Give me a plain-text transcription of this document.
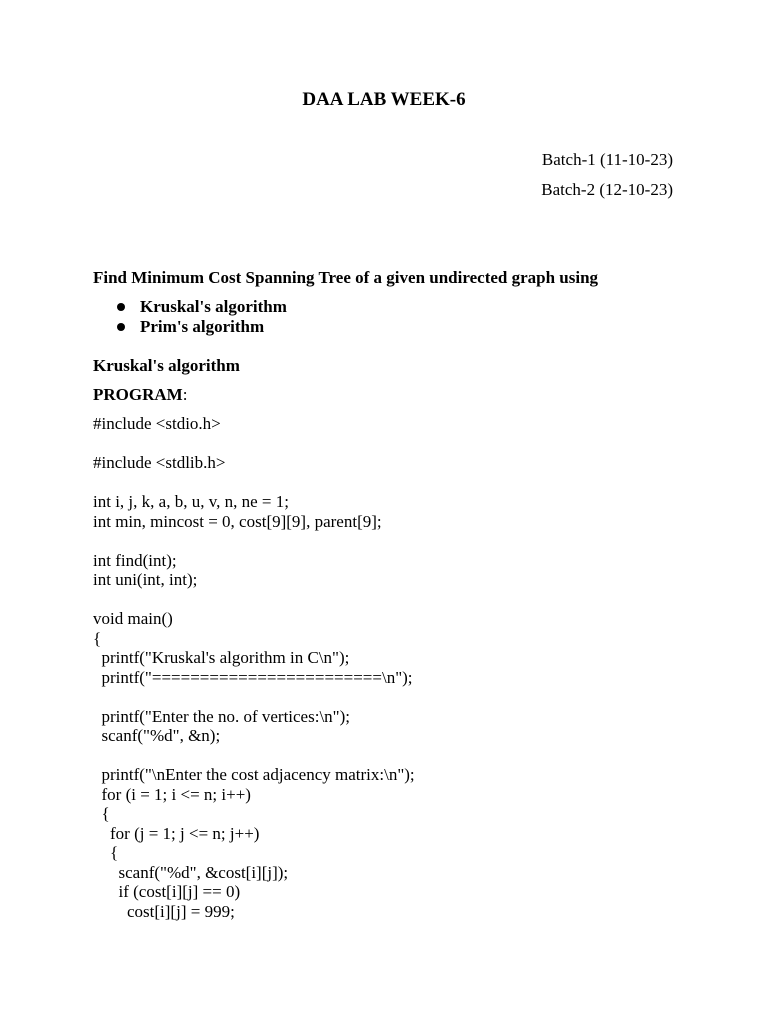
DAA LAB WEEK-6
Batch-1 (11-10-23)
Batch-2 (12-10-23)

Find Minimum Cost Spanning Tree of a given undirected graph using

Kruskal's algorithm
Prim's algorithm

Kruskal's algorithm

PROGRAM:

#include <stdio.h>
#include <stdlib.h>
int i, j, k, a, b, u, v, n, ne = 1;
int min, mincost = 0, cost[9][9], parent[9];
int find(int);
int uni(int, int);
void main()
{
printf("Kruskal's algorithm in C\n");
printf("========================\n");
printf("Enter the no. of vertices:\n");
scanf("%d", &n);
printf("\nEnter the cost adjacency matrix:\n");
for (i = 1; i <= n; i++)
{
for (j = 1; j <= n; j++)
{
scanf("%d", &cost[i][j]);
if (cost[i][j] == 0)
cost[i][j] = 999;
